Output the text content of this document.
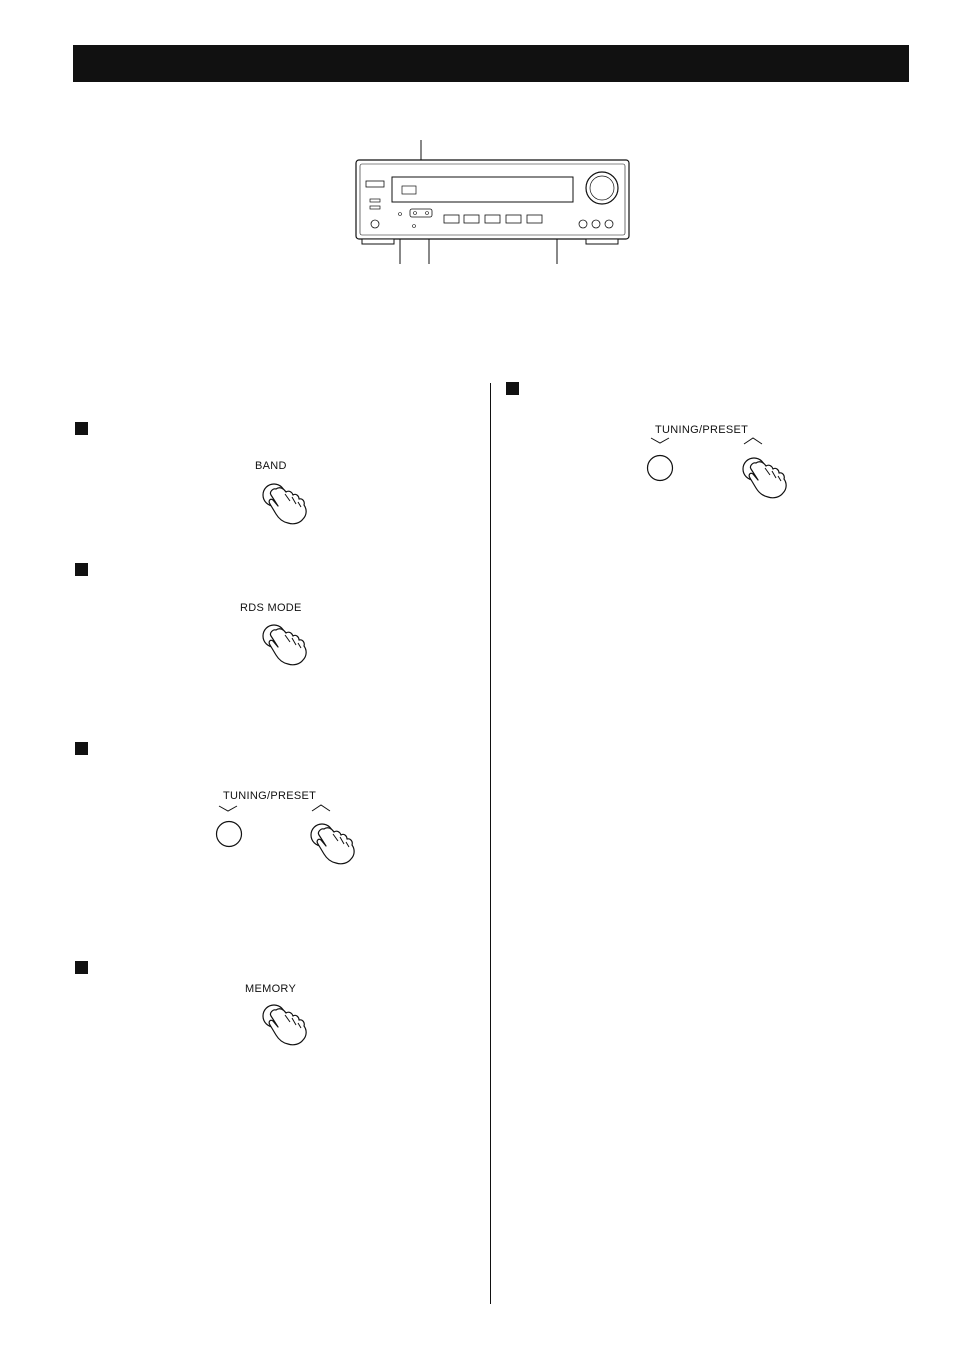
BAND
RDS MODE
TUNING/PRESET
MEMORY
TUNING/PRESET
